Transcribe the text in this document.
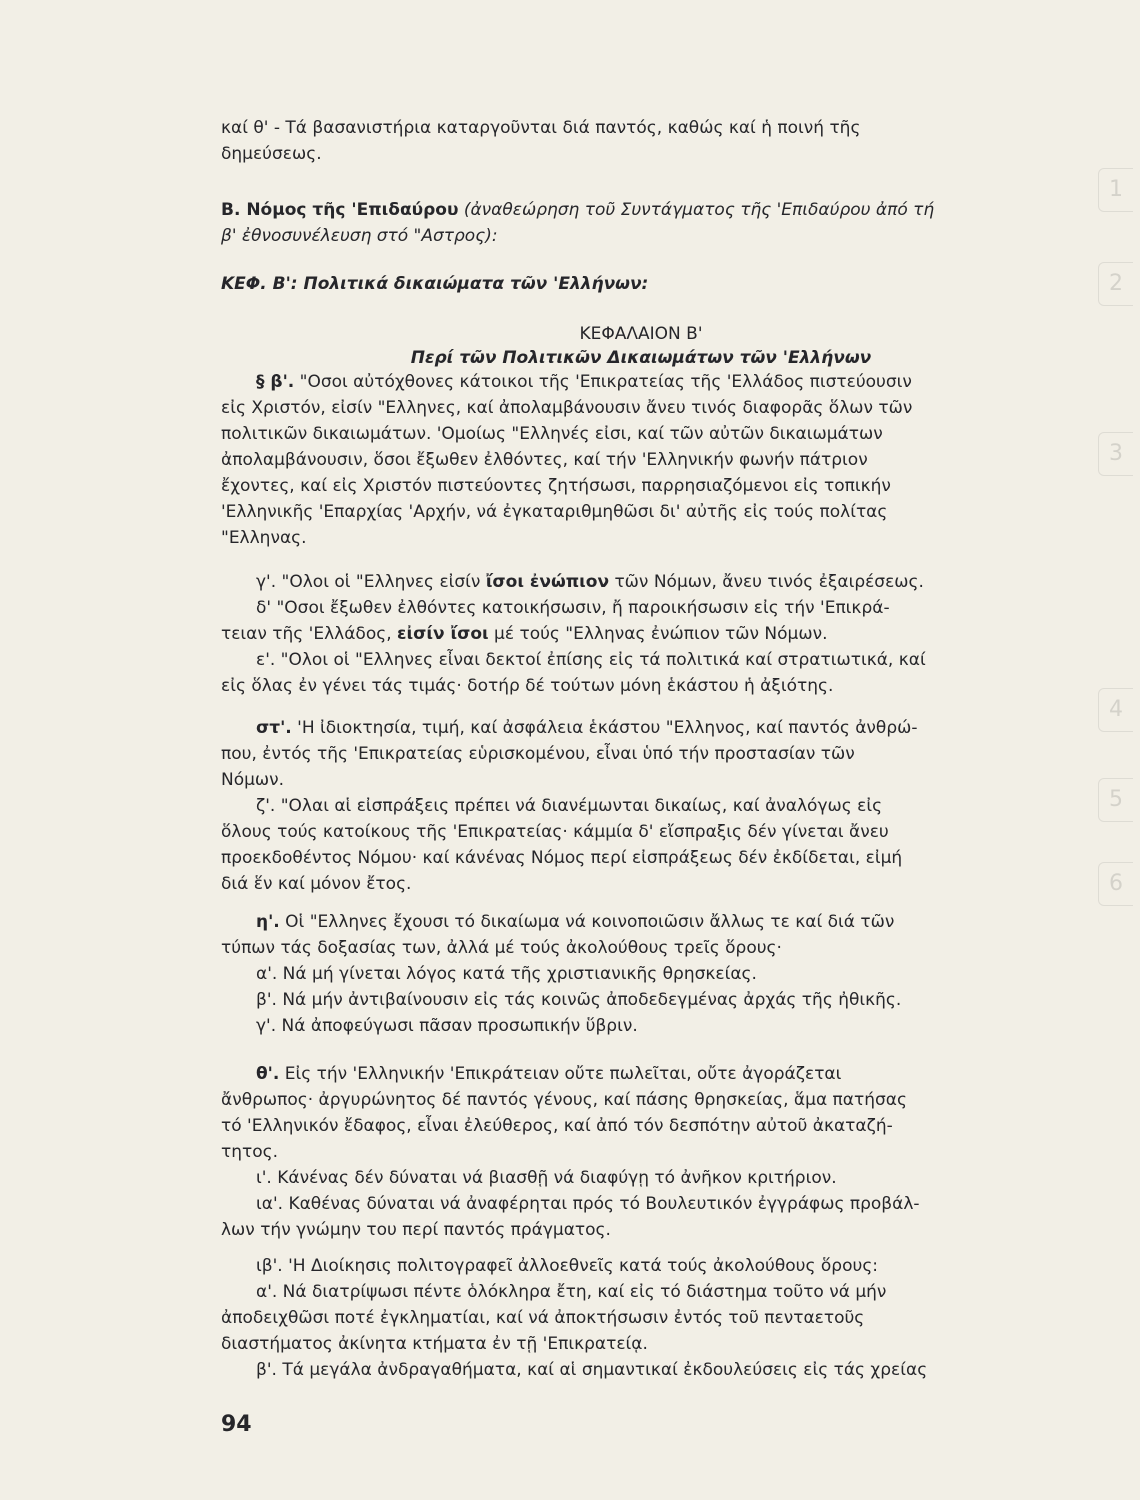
1
2
3
4
5
6
καί θ' - Τά βασανιστήρια καταργοῦνται διά παντός, καθώς καί ἡ ποινή τῆς
δημεύσεως.
B. Νόμος τῆς 'Επιδαύρου (ἀναθεώρηση τοῦ Συντάγματος τῆς 'Επιδαύρου ἀπό τή
β' ἐθνοσυνέλευση στό "Αστρος):
ΚΕΦ. Β': Πολιτικά δικαιώματα τῶν 'Ελλήνων:
ΚΕΦΑΛΑΙΟΝ Β'
Περί τῶν Πολιτικῶν Δικαιωμάτων τῶν 'Ελλήνων
§ β'. "Οσοι αὐτόχθονες κάτοικοι τῆς 'Επικρατείας τῆς 'Ελλάδος πιστεύουσιν
εἰς Χριστόν, εἰσίν "Ελληνες, καί ἀπολαμβάνουσιν ἄνευ τινός διαφορᾶς ὅλων τῶν
πολιτικῶν δικαιωμάτων. 'Ομοίως "Ελληνές εἰσι, καί τῶν αὐτῶν δικαιωμάτων
ἀπολαμβάνουσιν, ὅσοι ἔξωθεν ἐλθόντες, καί τήν 'Ελληνικήν φωνήν πάτριον
ἔχοντες, καί εἰς Χριστόν πιστεύοντες ζητήσωσι, παρρησιαζόμενοι εἰς τοπικήν
'Ελληνικῆς 'Επαρχίας 'Αρχήν, νά ἐγκαταριθμηθῶσι δι' αὐτῆς εἰς τούς πολίτας
"Ελληνας.
γ'. "Ολοι οἱ "Ελληνες εἰσίν ἴσοι ἐνώπιον τῶν Νόμων, ἄνευ τινός ἐξαιρέσεως.
δ' "Οσοι ἔξωθεν ἐλθόντες κατοικήσωσιν, ἤ παροικήσωσιν εἰς τήν 'Επικρά-
τειαν τῆς 'Ελλάδος, εἰσίν ἴσοι μέ τούς "Ελληνας ἐνώπιον τῶν Νόμων.
ε'. "Ολοι οἱ "Ελληνες εἶναι δεκτοί ἐπίσης εἰς τά πολιτικά καί στρατιωτικά, καί
εἰς ὅλας ἐν γένει τάς τιμάς· δοτήρ δέ τούτων μόνη ἑκάστου ἡ ἀξιότης.
στ'. 'Η ἰδιοκτησία, τιμή, καί ἀσφάλεια ἑκάστου "Ελληνος, καί παντός ἀνθρώ-
που, ἐντός τῆς 'Επικρατείας εὑρισκομένου, εἶναι ὑπό τήν προστασίαν τῶν
Νόμων.
ζ'. "Ολαι αἱ εἰσπράξεις πρέπει νά διανέμωνται δικαίως, καί ἀναλόγως εἰς
ὅλους τούς κατοίκους τῆς 'Επικρατείας· κάμμία δ' εἴσπραξις δέν γίνεται ἄνευ
προεκδοθέντος Νόμου· καί κάνένας Νόμος περί εἰσπράξεως δέν ἐκδίδεται, εἰμή
διά ἕν καί μόνον ἔτος.
η'. Οἱ "Ελληνες ἔχουσι τό δικαίωμα νά κοινοποιῶσιν ἄλλως τε καί διά τῶν
τύπων τάς δοξασίας των, ἀλλά μέ τούς ἀκολούθους τρεῖς ὅρους·
α'. Νά μή γίνεται λόγος κατά τῆς χριστιανικῆς θρησκείας.
β'. Νά μήν ἀντιβαίνουσιν εἰς τάς κοινῶς ἀποδεδεγμένας ἀρχάς τῆς ἠθικῆς.
γ'. Νά ἀποφεύγωσι πᾶσαν προσωπικήν ὕβριν.
θ'. Εἰς τήν 'Ελληνικήν 'Επικράτειαν οὔτε πωλεῖται, οὔτε ἀγοράζεται
ἄνθρωπος· ἀργυρώνητος δέ παντός γένους, καί πάσης θρησκείας, ἅμα πατήσας
τό 'Ελληνικόν ἔδαφος, εἶναι ἐλεύθερος, καί ἀπό τόν δεσπότην αὐτοῦ ἀκαταζή-
τητος.
ι'. Κάνένας δέν δύναται νά βιασθῇ νά διαφύγῃ τό ἀνῆκον κριτήριον.
ια'. Καθένας δύναται νά ἀναφέρηται πρός τό Βουλευτικόν ἐγγράφως προβάλ-
λων τήν γνώμην του περί παντός πράγματος.
ιβ'. 'Η Διοίκησις πολιτογραφεῖ ἀλλοεθνεῖς κατά τούς ἀκολούθους ὅρους:
α'. Νά διατρίψωσι πέντε ὁλόκληρα ἔτη, καί εἰς τό διάστημα τοῦτο νά μήν
ἀποδειχθῶσι ποτέ ἐγκληματίαι, καί νά ἀποκτήσωσιν ἐντός τοῦ πενταετοῦς
διαστήματος ἀκίνητα κτήματα ἐν τῇ 'Επικρατείᾳ.
β'. Τά μεγάλα ἀνδραγαθήματα, καί αἱ σημαντικαί ἐκδουλεύσεις εἰς τάς χρείας
94
